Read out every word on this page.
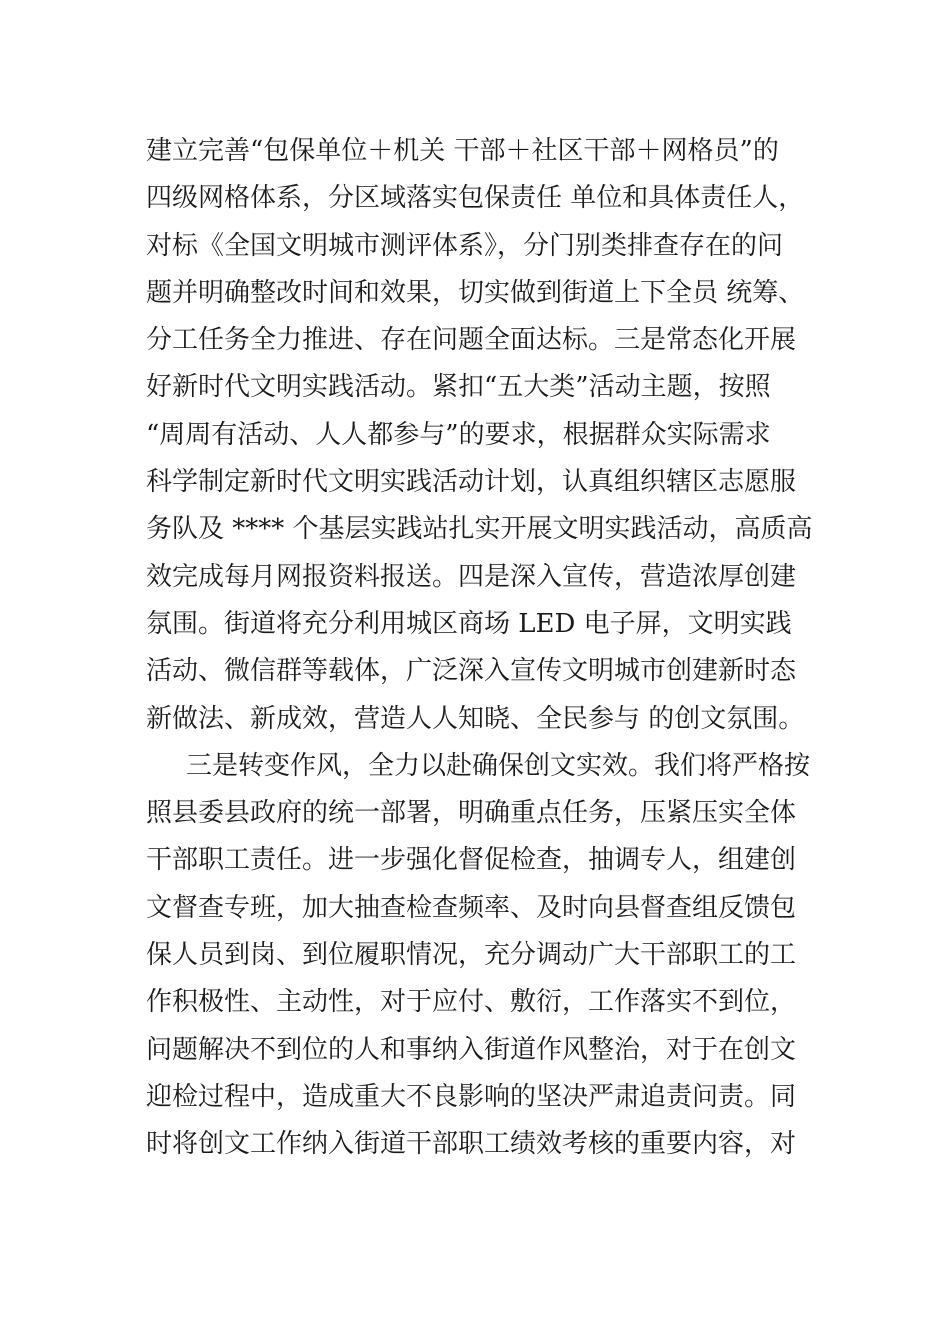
建立完善“包保单位＋机关 干部＋社区干部＋网格员”的
四级网格体系，分区域落实包保责任 单位和具体责任人，
对标《全国文明城市测评体系》，分门别类排查存在的问
题并明确整改时间和效果，切实做到街道上下全员 统筹、
分工任务全力推进、存在问题全面达标。三是常态化开展
好新时代文明实践活动。紧扣“五大类”活动主题，按照
“周周有活动、人人都参与”的要求，根据群众实际需求
科学制定新时代文明实践活动计划，认真组织辖区志愿服
务队及 **** 个基层实践站扎实开展文明实践活动，高质高
效完成每月网报资料报送。四是深入宣传，营造浓厚创建
氛围。街道将充分利用城区商场 LED 电子屏，文明实践
活动、微信群等载体，广泛深入宣传文明城市创建新时态
新做法、新成效，营造人人知晓、全民参与 的创文氛围。
三是转变作风，全力以赴确保创文实效。我们将严格按
照县委县政府的统一部署，明确重点任务，压紧压实全体
干部职工责任。进一步强化督促检查，抽调专人，组建创
文督查专班，加大抽查检查频率、及时向县督查组反馈包
保人员到岗、到位履职情况，充分调动广大干部职工的工
作积极性、主动性，对于应付、敷衍，工作落实不到位，
问题解决不到位的人和事纳入街道作风整治，对于在创文
迎检过程中，造成重大不良影响的坚决严肃追责问责。同
时将创文工作纳入街道干部职工绩效考核的重要内容，对
